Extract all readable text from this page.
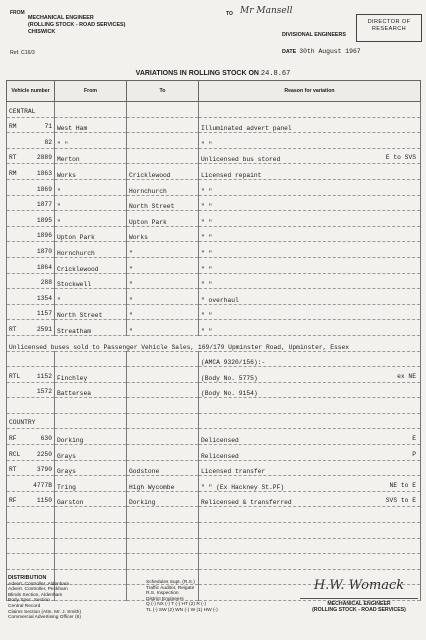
FROM
MECHANICAL ENGINEER
(ROLLING STOCK - ROAD SERVICES)
CHISWICK
Ref. C16/3
TO Mr Mansell
DIVISIONAL ENGINEERS
DATE 30th August 1967
DIRECTOR OF
RESEARCH
VARIATIONS IN ROLLING STOCK ON 24.8.67
Vehicle number	From	To	Reason for variation

CENTRAL			

RM 71	West Ham		Illuminated advert panel

82	" "		" "

RT 2889	Merton		Unlicensed bus stored E to SVS

RM 1863	Works	Cricklewood	Licensed repaint

1869	"	Hornchurch	" "

1877	"	North Street	" "

1895	"	Upton Park	" "

1896	Upton Park	Works	" "

1870	Hornchurch	"	" "

1864	Cricklewood	"	" "

288	Stockwell	"	" "

1354	"	"	" overhaul

1157	North Street	"	" "

RT 2591	Streatham	"	" "

Unlicensed buses sold to Passenger Vehicle Sales, 169/179 Upminster Road, Upminster, Essex			

			(AMCA 9320/156):-

RTL 1152	Finchley		(Body No. 5775) ex NE

1572	Battersea		(Body No. 9154)

COUNTRY			

RF 630	Dorking		Delicensed E

RCL 2250	Grays		Relicensed P

RT 3790	Grays	Godstone	Licensed transfer

4777B	Tring	High Wycombe	" " (Ex Hackney St.PF) NE to E

RF 1150	Garston	Dorking	Relicensed & transferred SVS to E

DISTRIBUTION
Advert. Controller, Aldenham
Advert. Controller, Peckham
Blinds Section, Aldenham
Body Spec. Section
Central Record
Claims Section (Attn. Mr. J. Smith)
Commercial Advertising Officer (6)
Schedules Supt. (R.S.)
Traffic Auditor, Reigate
R.S. Inspection
District Engineers
Q (-) NX (-) T (-) HT (2) R (-)
TL (-) SW (2) WN (-) W (1) HW (-)
H.W. Womack
MECHANICAL ENGINEER
(ROLLING STOCK - ROAD SERVICES)
